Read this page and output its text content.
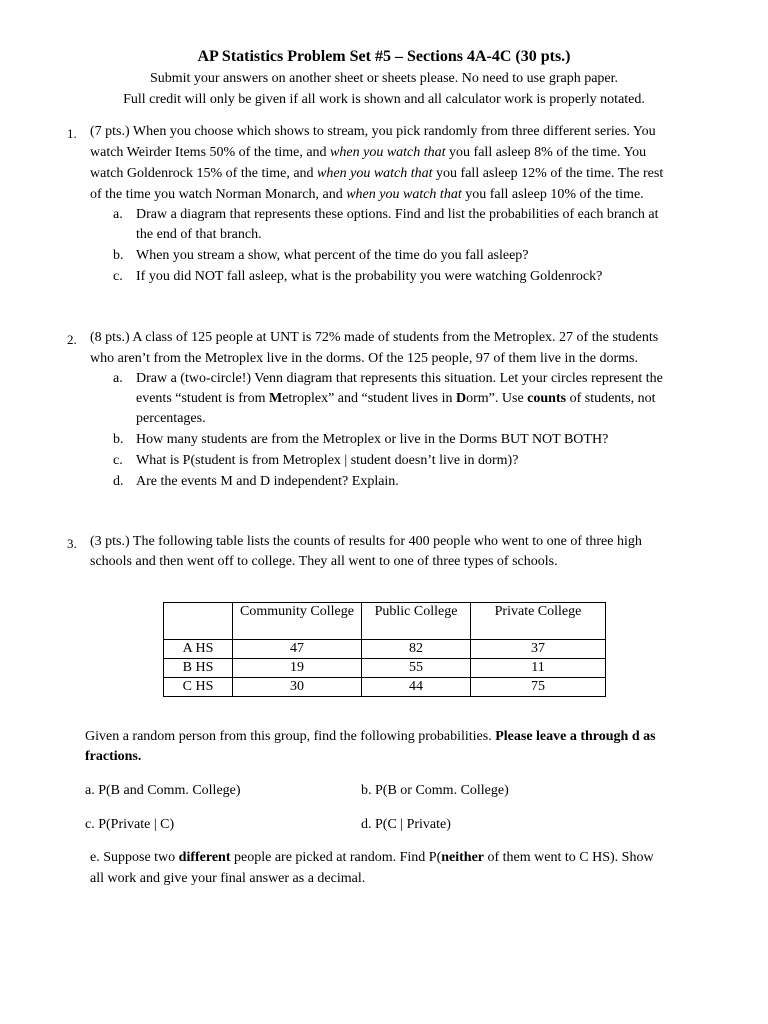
AP Statistics Problem Set #5 – Sections 4A-4C (30 pts.)
Submit your answers on another sheet or sheets please. No need to use graph paper.
Full credit will only be given if all work is shown and all calculator work is properly notated.
1. (7 pts.) When you choose which shows to stream, you pick randomly from three different series. You
watch Weirder Items 50% of the time, and when you watch that you fall asleep 8% of the time. You
watch Goldenrock 15% of the time, and when you watch that you fall asleep 12% of the time. The rest
of the time you watch Norman Monarch, and when you watch that you fall asleep 10% of the time.
a. Draw a diagram that represents these options. Find and list the probabilities of each branch at
the end of that branch.
b. When you stream a show, what percent of the time do you fall asleep?
c. If you did NOT fall asleep, what is the probability you were watching Goldenrock?
2. (8 pts.) A class of 125 people at UNT is 72% made of students from the Metroplex. 27 of the students
who aren’t from the Metroplex live in the dorms. Of the 125 people, 97 of them live in the dorms.
a. Draw a (two-circle!) Venn diagram that represents this situation. Let your circles represent the
events “student is from Metroplex” and “student lives in Dorm”. Use counts of students, not
percentages.
b. How many students are from the Metroplex or live in the Dorms BUT NOT BOTH?
c. What is P(student is from Metroplex | student doesn’t live in dorm)?
d. Are the events M and D independent? Explain.
3. (3 pts.) The following table lists the counts of results for 400 people who went to one of three high
schools and then went off to college. They all went to one of three types of schools.
	Community College	Public College	Private College
A HS	47	82	37
B HS	19	55	11
C HS	30	44	75
Given a random person from this group, find the following probabilities. Please leave a through d as
fractions.
a. P(B and Comm. College)	b. P(B or Comm. College)
c. P(Private | C)	d. P(C | Private)
e. Suppose two different people are picked at random. Find P(neither of them went to C HS). Show
all work and give your final answer as a decimal.
